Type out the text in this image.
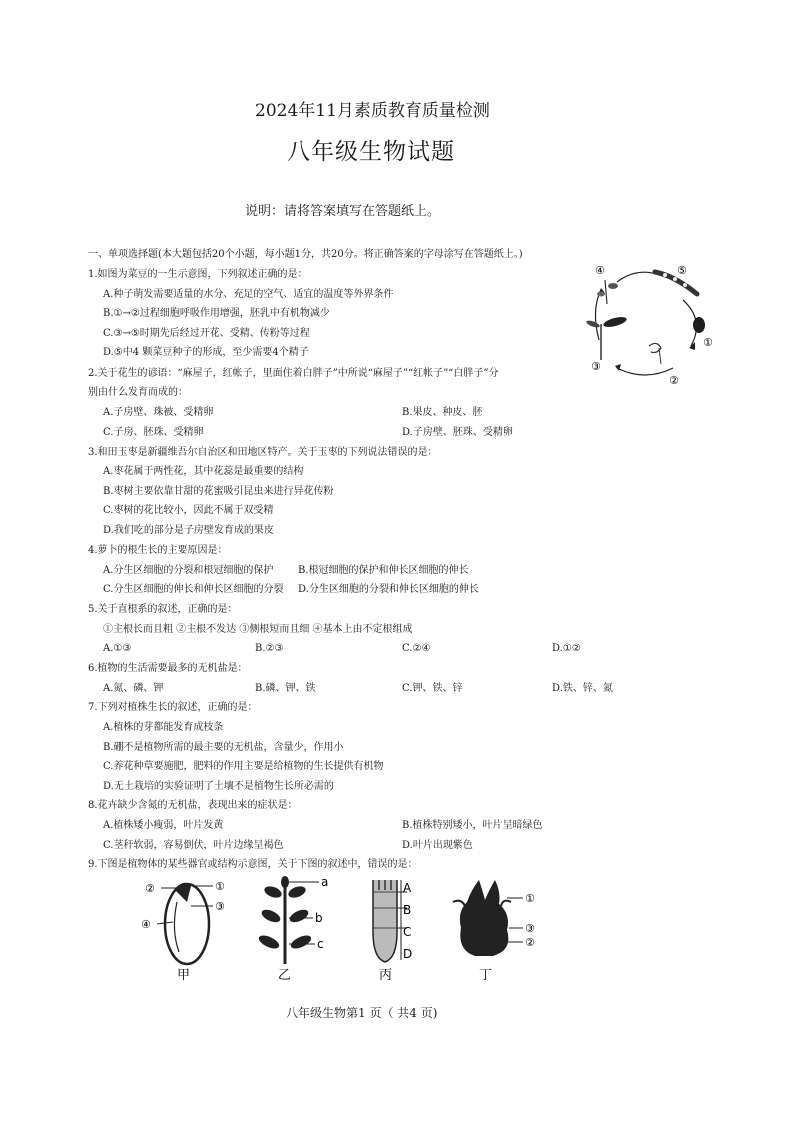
2024年11月素质教育质量检测
八年级生物试题
说明：请将答案填写在答题纸上。
一、单项选择题(本大题包括20个小题，每小题1分，共20分。将正确答案的字母涂写在答题纸上。)
1.如图为菜豆的一生示意图，下列叙述正确的是：
A.种子萌发需要适量的水分、充足的空气、适宜的温度等外界条件
B.①→②过程细胞呼吸作用增强，胚乳中有机物减少
C.③→⑤时期先后经过开花、受精、传粉等过程
D.⑤中4 颗菜豆种子的形成，至少需要4个精子
④	⑤
①
②
③
2.关于花生的谚语：“麻屋子，红帐子，里面住着白胖子”中所说“麻屋子”“红帐子”“白胖子”分
别由什么发育而成的：
A.子房壁、珠被、受精卵	B.果皮、种皮、胚
C.子房、胚珠、受精卵	D.子房壁、胚珠、受精卵
3.和田玉枣是新疆维吾尔自治区和田地区特产。关于玉枣的下列说法错误的是：
A.枣花属于两性花，其中花蕊是最重要的结构
B.枣树主要依靠甘甜的花蜜吸引昆虫来进行异花传粉
C.枣树的花比较小，因此不属于双受精
D.我们吃的部分是子房壁发育成的果皮
4.萝卜的根生长的主要原因是：
A.分生区细胞的分裂和根冠细胞的保护 B.根冠细胞的保护和伸长区细胞的伸长
C.分生区细胞的伸长和伸长区细胞的分裂 D.分生区细胞的分裂和伸长区细胞的伸长
5.关于直根系的叙述，正确的是：
①主根长而且粗 ②主根不发达 ③侧根短而且细 ④基本上由不定根组成
A.①③	B.②③	C.②④	D.①②
6.植物的生活需要最多的无机盐是：
A.氮、磷、钾	B.磷、钾、铁	C.钾、铁、锌	D.铁、锌、氮
7.下列对植株生长的叙述，正确的是：
A.植株的芽都能发育成枝条
B.硼不是植物所需的最主要的无机盐，含量少，作用小
C.养花种草要施肥，肥料的作用主要是给植物的生长提供有机物
D.无土栽培的实验证明了土壤不是植物生长所必需的
8.花卉缺少含氮的无机盐，表现出来的症状是：
A.植株矮小瘦弱，叶片发黄	B.植株特别矮小，叶片呈暗绿色
C.茎秆软弱，容易倒伏，叶片边缘呈褐色	D.叶片出现紫色
9.下图是植物体的某些器官或结构示意图，关于下图的叙述中，错误的是：
②	①
③
④
甲
a
b
c
乙
A
B
C
D
丙
①
③
②
丁
八年级生物第1 页（ 共4 页)
